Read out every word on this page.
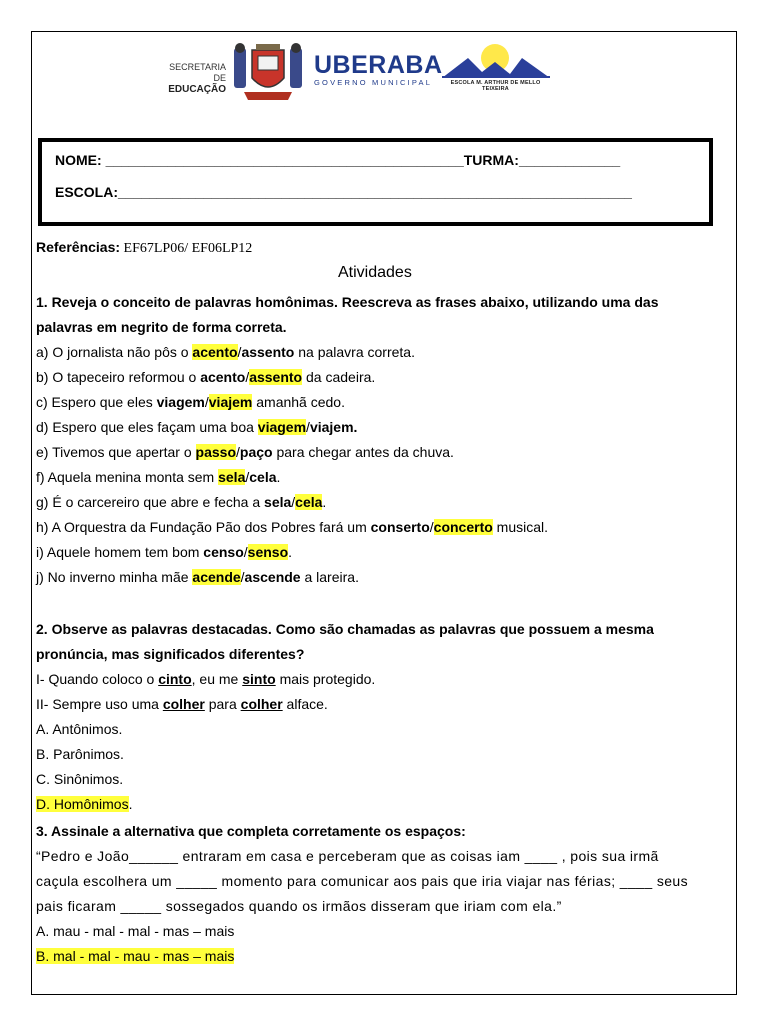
SECRETARIA DE
EDUCAÇÃO
UBERABA
GOVERNO MUNICIPAL	ESCOLA M. ARTHUR DE MELLO TEIXEIRA
NOME: ______________________________________________TURMA:_____________
ESCOLA:__________________________________________________________________
Referências: EF67LP06/ EF06LP12
Atividades
1. Reveja o conceito de palavras homônimas. Reescreva as frases abaixo, utilizando uma das
palavras em negrito de forma correta.
a) O jornalista não pôs o acento/assento na palavra correta.
b) O tapeceiro reformou o acento/assento da cadeira.
c) Espero que eles viagem/viajem amanhã cedo.
d) Espero que eles façam uma boa viagem/viajem.
e) Tivemos que apertar o passo/paço para chegar antes da chuva.
f) Aquela menina monta sem sela/cela.
g) É o carcereiro que abre e fecha a sela/cela.
h) A Orquestra da Fundação Pão dos Pobres fará um conserto/concerto musical.
i) Aquele homem tem bom censo/senso.
j) No inverno minha mãe acende/ascende a lareira.
2. Observe as palavras destacadas. Como são chamadas as palavras que possuem a mesma
pronúncia, mas significados diferentes?
I- Quando coloco o cinto, eu me sinto mais protegido.
II- Sempre uso uma colher para colher alface.
A. Antônimos.
B. Parônimos.
C. Sinônimos.
D. Homônimos.
3. Assinale a alternativa que completa corretamente os espaços:
“Pedro e João______ entraram em casa e perceberam que as coisas iam ____ , pois sua irmã
caçula escolhera um _____ momento para comunicar aos pais que iria viajar nas férias; ____ seus
pais ficaram _____ sossegados quando os irmãos disseram que iriam com ela.”
A. mau - mal - mal - mas – mais
B. mal - mal - mau - mas – mais
